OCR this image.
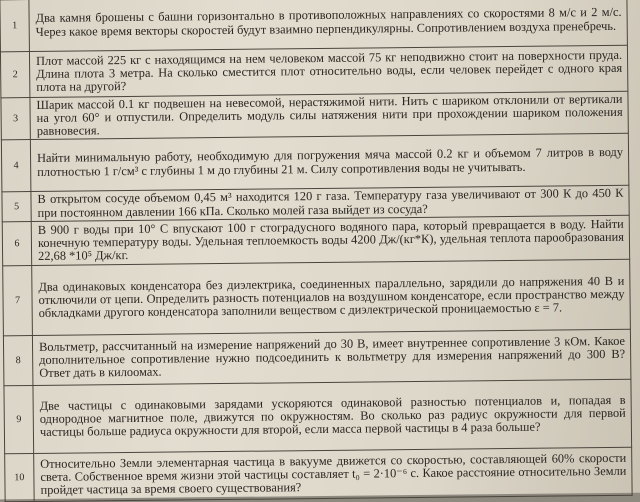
1	Два камня брошены с башни горизонтально в противоположных направлениях со скоростями 8 м/с и 2 м/с. Через какое время векторы скоростей будут взаимно перпендикулярны. Сопротивлением воздуха пренебречь.
2	Плот массой 225 кг с находящимся на нем человеком массой 75 кг неподвижно стоит на поверхности пруда. Длина плота 3 метра. На сколько сместится плот относительно воды, если человек перейдет с одного края плота на другой?
3	Шарик массой 0.1 кг подвешен на невесомой, нерастяжимой нити. Нить с шариком отклонили от вертикали на угол 60° и отпустили. Определить модуль силы натяжения нити при прохождении шариком положения равновесия.
4	Найти минимальную работу, необходимую для погружения мяча массой 0.2 кг и объемом 7 литров в воду плотностью 1 г/см³ с глубины 1 м до глубины 21 м. Силу сопротивления воды не учитывать.
5	В открытом сосуде объемом 0,45 м³ находится 120 г газа. Температуру газа увеличивают от 300 К до 450 К при постоянном давлении 166 кПа. Сколько молей газа выйдет из сосуда?
6	В 900 г воды при 10° С впускают 100 г стоградусного водяного пара, который превращается в воду. Найти конечную температуру воды. Удельная теплоемкость воды 4200 Дж/(кг*К), удельная теплота парообразования 22,68 *10⁵ Дж/кг.
7	Два одинаковых конденсатора без диэлектрика, соединенных параллельно, зарядили до напряжения 40 В и отключили от цепи. Определить разность потенциалов на воздушном конденсаторе, если пространство между обкладками другого конденсатора заполнили веществом с диэлектрической проницаемостью ε = 7.
8	Вольтметр, рассчитанный на измерение напряжений до 30 В, имеет внутреннее сопротивление 3 кОм. Какое дополнительное сопротивление нужно подсоединить к вольтметру для измерения напряжений до 300 В? Ответ дать в килоомах.
9	Две частицы с одинаковыми зарядами ускоряются одинаковой разностью потенциалов и, попадая в однородное магнитное поле, движутся по окружностям. Во сколько раз радиус окружности для первой частицы больше радиуса окружности для второй, если масса первой частицы в 4 раза больше?
10	Относительно Земли элементарная частица в вакууме движется со скоростью, составляющей 60% скорости света. Собственное время жизни этой частицы составляет t₀ = 2·10⁻⁶ с. Какое расстояние относительно Земли пройдет частица за время своего существования?
